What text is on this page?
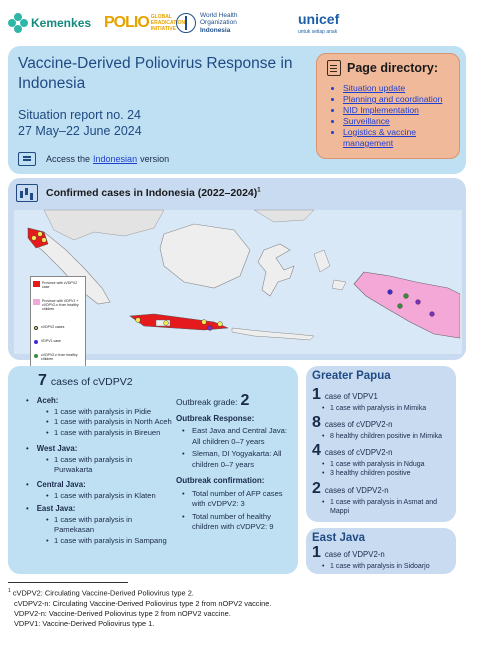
Kemenkes POLIO GLOBAL
ERADICATION
INITIATIVE
World Health
Organization
Indonesia
unicef
untuk setiap anak
Vaccine-Derived Poliovirus Response in Indonesia
Situation report no. 24
27 May–22 June 2024
Access the Indonesian version
Page directory:
• Situation update
• Planning and coordination
• NID Implementation
• Surveillance
• Logistics & vaccine management
Confirmed cases in Indonesia (2022–2024)$^1$
Province with cVDPV2 case
Province with VDPV1 + cVDPV2-n from healthy children
cVDPV2 cases
VDPV1 case
cVDPV2-n from healthy children
7 cases of cVDPV2
• Aceh:
• 1 case with paralysis in Pidie
• 1 case with paralysis in North Aceh
• 1 case with paralysis in Bireuen
• West Java:
• 1 case with paralysis in Purwakarta
• Central Java:
• 1 case with paralysis in Klaten
• East Java:
• 1 case with paralysis in Pamekasan
• 1 case with paralysis in Sampang
Outbreak grade: 2
Outbreak Response:
• East Java and Central Java: All children 0–7 years
• Sleman, DI Yogyakarta: All children 0–7 years
Outbreak confirmation:
• Total number of AFP cases with cVDPV2: 3
• Total number of healthy children with cVDPV2: 9
Greater Papua
1 case of VDPV1
• 1 case with paralysis in Mimika
8 cases of cVDPV2-n
• 8 healthy children positive in Mimika
4 cases of cVDPV2-n
• 1 case with paralysis in Nduga
• 3 healthy children positive
2 cases of VDPV2-n
• 1 case with paralysis in Asmat and Mappi
East Java
1 case of VDPV2-n
• 1 case with paralysis in Sidoarjo
$^1$ cVDPV2: Circulating Vaccine-Derived Poliovirus type 2.
cVDPV2-n: Circulating Vaccine-Derived Poliovirus type 2 from nOPV2 vaccine.
VDPV2-n: Vaccine-Derived Poliovirus type 2 from nOPV2 vaccine.
VDPV1: Vaccine-Derived Poliovirus type 1.
